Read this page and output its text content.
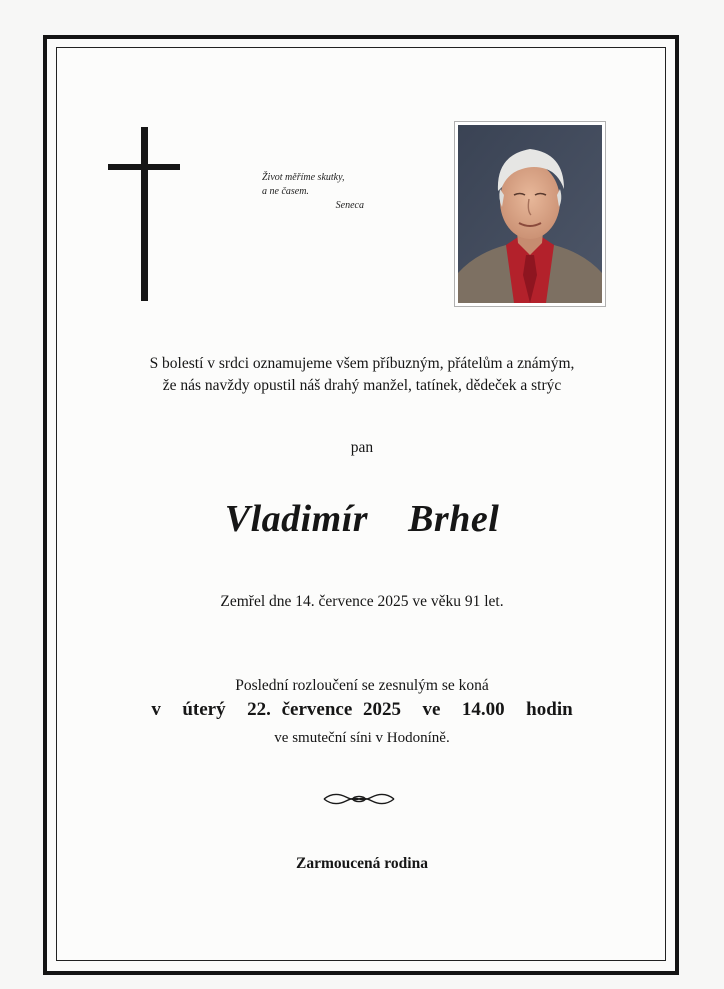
Život měříme skutky,
a ne časem.
Seneca
S bolestí v srdci oznamujeme všem příbuzným, přátelům a známým,
že nás navždy opustil náš drahý manžel, tatínek, dědeček a strýc
pan
Vladimír  Brhel
Zemřel dne 14. července 2025 ve věku 91 let.
Poslední rozloučení se zesnulým se koná
v  úterý  22. července 2025  ve  14.00  hodin
ve smuteční síni v Hodoníně.
Zarmoucená rodina
